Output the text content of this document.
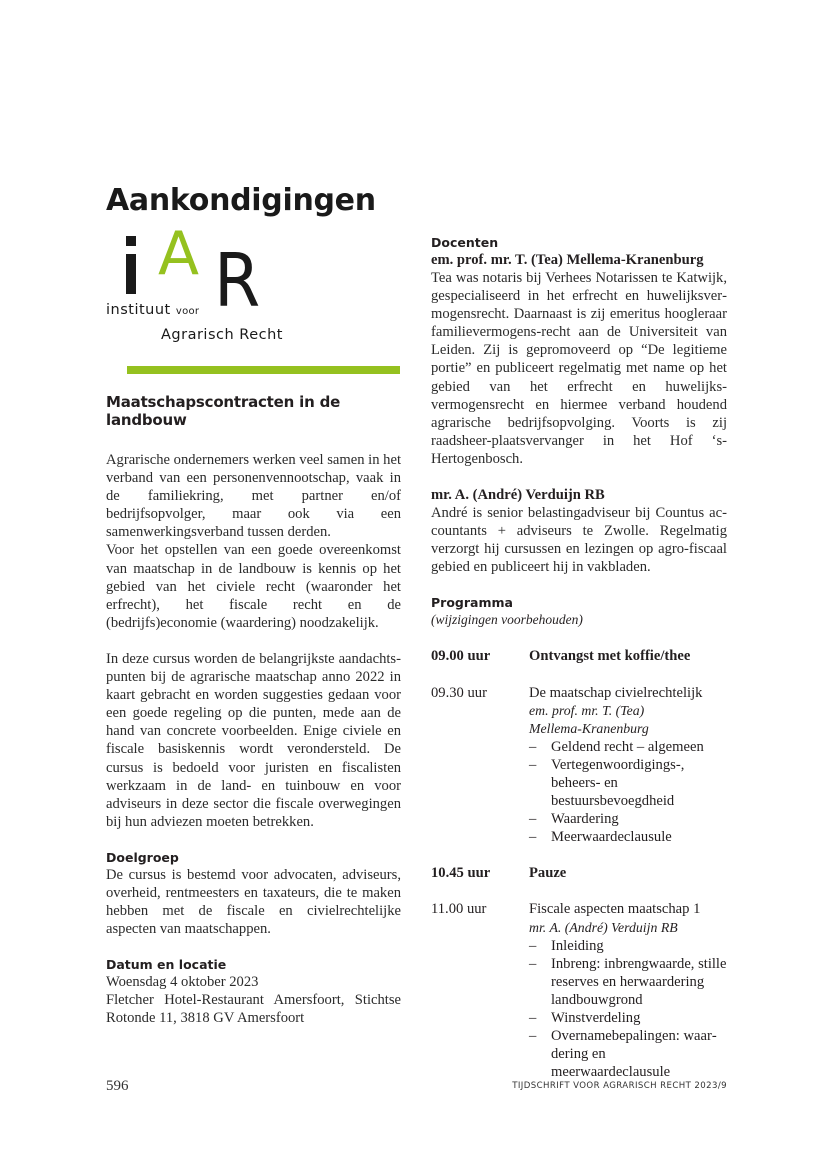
Aankondigingen
A R
instituut voor
Agrarisch Recht
Maatschapscontracten in de landbouw

Agrarische ondernemers werken veel samen in het verband van een personenvennootschap, vaak in de familiekring, met partner en/of bedrijfsopvolger, maar ook via een samenwerkingsverband tussen derden.

Voor het opstellen van een goede overeenkomst van maatschap in de landbouw is kennis op het gebied van het civiele recht (waaronder het erfrecht), het fiscale recht en de (bedrijfs)economie (waardering) noodzakelijk.

In deze cursus worden de belangrijkste aandachtspunten bij de agrarische maatschap anno 2022 in kaart gebracht en worden suggesties gedaan voor een goede regeling op die punten, mede aan de hand van concrete voorbeelden. Enige civiele en fiscale basiskennis wordt verondersteld. De cursus is bedoeld voor juristen en fiscalisten werkzaam in de land- en tuinbouw en voor adviseurs in deze sector die fiscale overwegingen bij hun adviezen moeten betrekken.

Doelgroep

De cursus is bestemd voor advocaten, adviseurs, overheid, rentmeesters en taxateurs, die te maken hebben met de fiscale en civielrechtelijke aspecten van maatschappen.

Datum en locatie

Woensdag 4 oktober 2023

Fletcher Hotel-Restaurant Amersfoort, Stichtse Rotonde 11, 3818 GV Amersfoort

Docenten

em. prof. mr. T. (Tea) Mellema-Kranenburg

Tea was notaris bij Verhees Notarissen te Katwijk, gespecialiseerd in het erfrecht en huwelijksvermogensrecht. Daarnaast is zij emeritus hoogleraar familievermogens-recht aan de Universiteit van Leiden. Zij is gepromoveerd op “De legitieme portie” en publiceert regelmatig met name op het gebied van het erfrecht en huwelijks-vermogensrecht en hiermee verband houdend agrarische bedrijfsopvolging. Voorts is zij raadsheer-plaatsvervanger in het Hof ‘s-Hertogenbosch.

mr. A. (André) Verduijn RB

André is senior belastingadviseur bij Countus accountants + adviseurs te Zwolle. Regelmatig verzorgt hij cursussen en lezingen op agro-fiscaal gebied en publiceert hij in vakbladen.

Programma

(wijzigingen voorbehouden)

09.00 uur	Ontvangst met koffie/thee
09.30 uur	De maatschap civielrechtelijk
em. prof. mr. T. (Tea)
Mellema-Kranenburg
– Geldend recht – algemeen
– Vertegenwoordigings-, beheers- en bestuursbevoegdheid
– Waardering
– Meerwaardeclausule
10.45 uur	Pauze
11.00 uur	Fiscale aspecten maatschap 1
mr. A. (André) Verduijn RB
– Inleiding
– Inbreng: inbrengwaarde, stille reserves en herwaardering landbouwgrond
– Winstverdeling
– Overnamebepalingen: waardering en meerwaardeclausule
596	TIJDSCHRIFT VOOR AGRARISCH RECHT 2023/9
